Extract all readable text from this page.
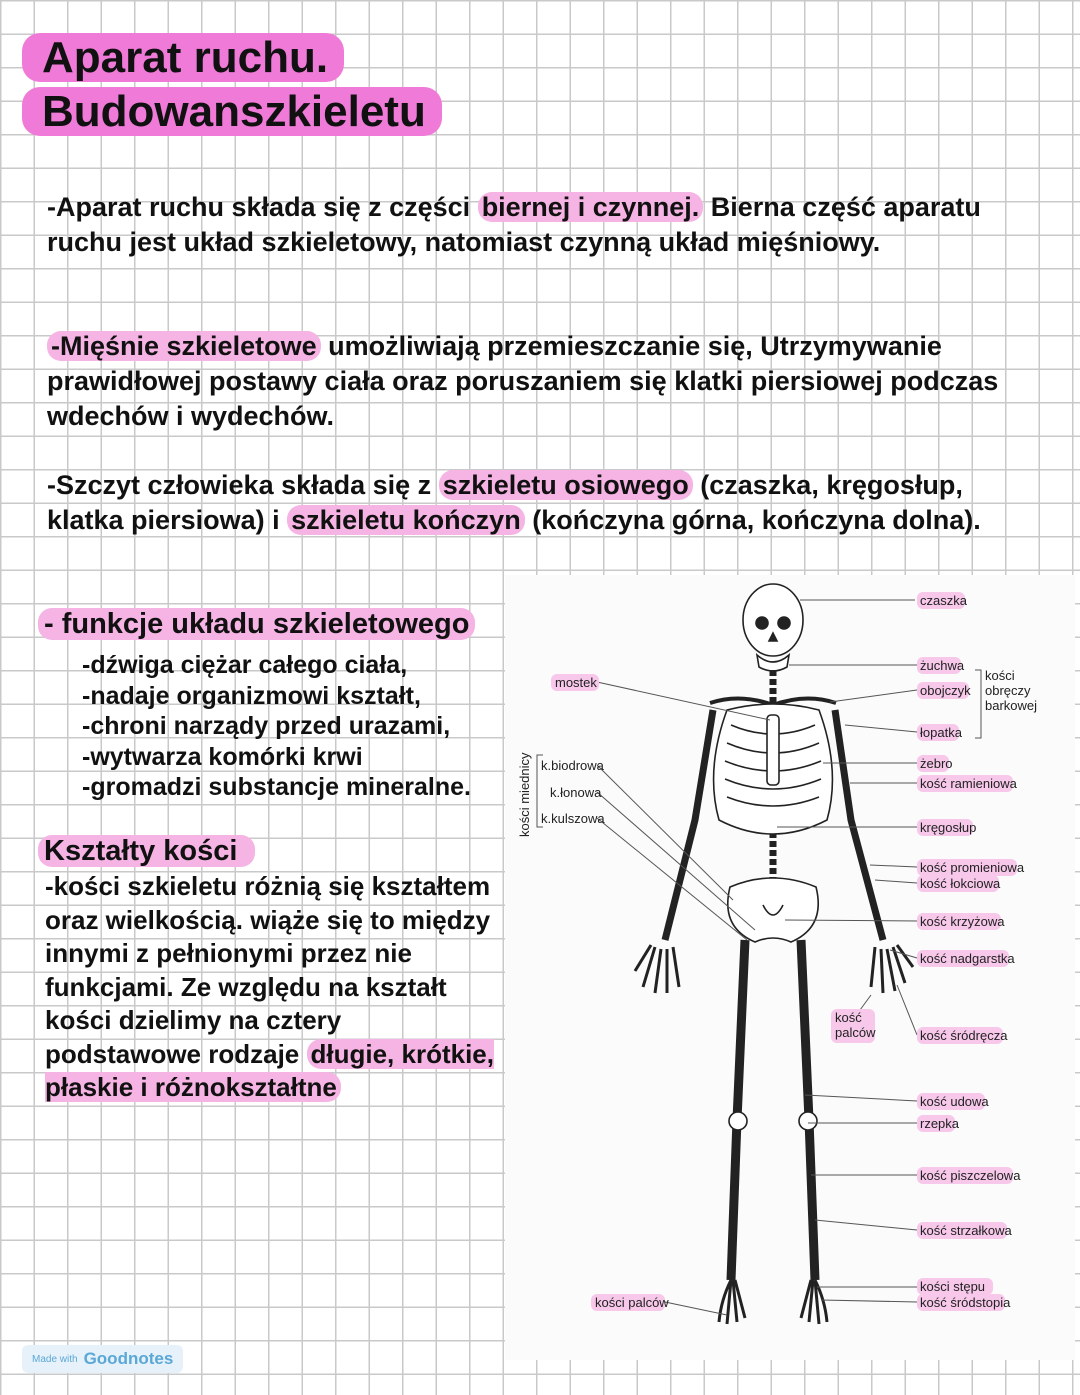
Aparat ruchu.
Budowanszkieletu

-Aparat ruchu składa się z części biernej i czynnej. Bierna część aparatu ruchu jest układ szkieletowy, natomiast czynną układ mięśniowy.

-Mięśnie szkieletowe umożliwiają przemieszczanie się, Utrzymywanie prawidłowej postawy ciała oraz poruszaniem się klatki piersiowej podczas wdechów i wydechów.

-Szczyt człowieka składa się z szkieletu osiowego (czaszka, kręgosłup, klatka piersiowa) i szkieletu kończyn (kończyna górna, kończyna dolna).

- funkcje układu szkieletowego
-dźwiga ciężar całego ciała,
-nadaje organizmowi kształt,
-chroni narządy przed urazami,
-wytwarza komórki krwi
-gromadzi substancje mineralne.
Kształty kości

-kości szkieletu różnią się kształtem oraz wielkością. wiąże się to między innymi z pełnionymi przez nie funkcjami. Ze względu na kształt kości dzielimy na cztery podstawowe rodzaje długie, krótkie, płaskie i różnokształtne

czaszka
żuchwa
obojczyk
łopatka
kości
obręczy
barkowej
żebro
kość ramieniowa
kręgosłup
kość promieniowa
kość łokciowa
kość krzyżowa
kość nadgarstka
kość
palców	kość śródręcza
kość udowa
rzepka
kość piszczelowa
kość strzałkowa
kości stępu
kość śródstopia
mostek
k.biodrowa
k.łonowa
k.kulszowa
kości miednicy
kości palców
Made with Goodnotes
